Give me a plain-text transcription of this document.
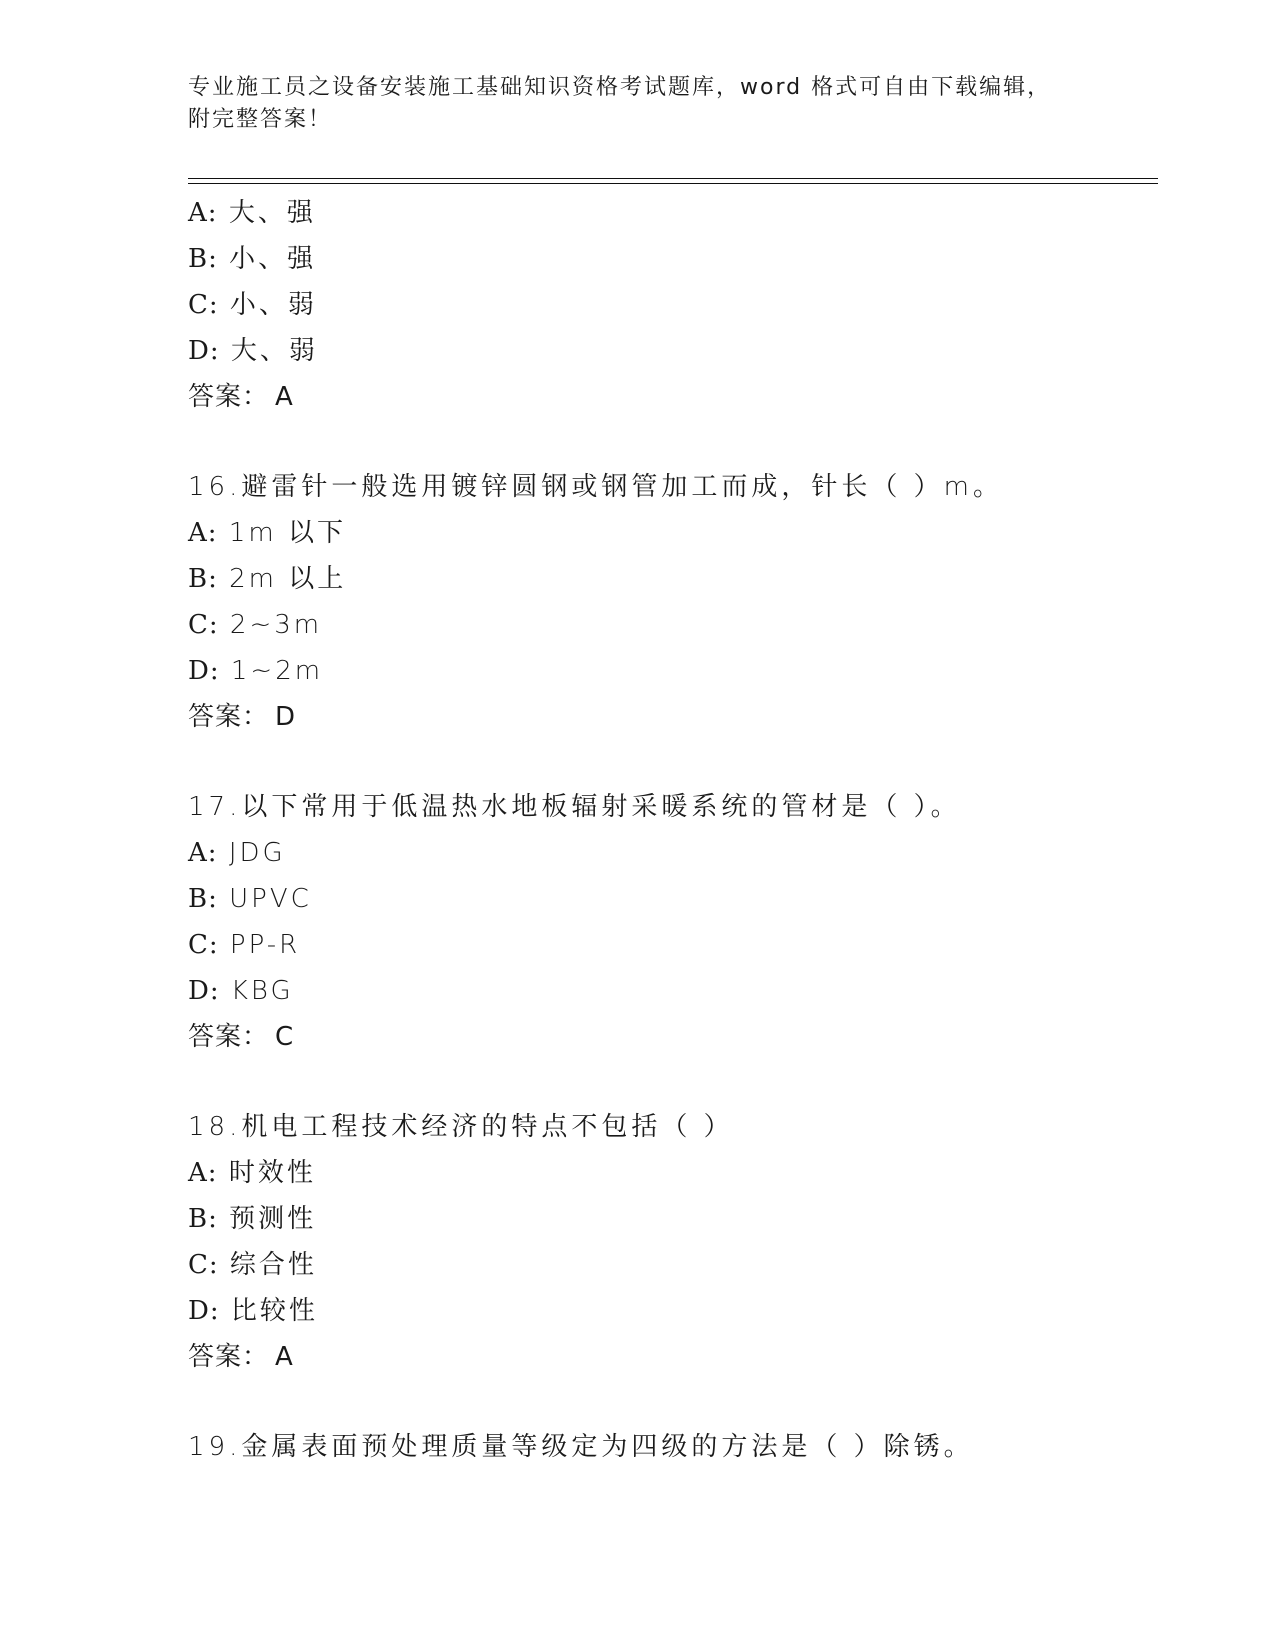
专业施工员之设备安装施工基础知识资格考试题库，word 格式可自由下载编辑，
附完整答案！
A: 大、强
B: 小、强
C: 小、弱
D: 大、弱
答案： A
16.避雷针一般选用镀锌圆钢或钢管加工而成，针长（ ）m。
A: 1m 以下
B: 2m 以上
C: 2~3m
D: 1~2m
答案： D
17.以下常用于低温热水地板辐射采暖系统的管材是（ ）。
A: JDG
B: UPVC
C: PP-R
D: KBG
答案： C
18.机电工程技术经济的特点不包括（ ）
A: 时效性
B: 预测性
C: 综合性
D: 比较性
答案： A
19.金属表面预处理质量等级定为四级的方法是（ ）除锈。
